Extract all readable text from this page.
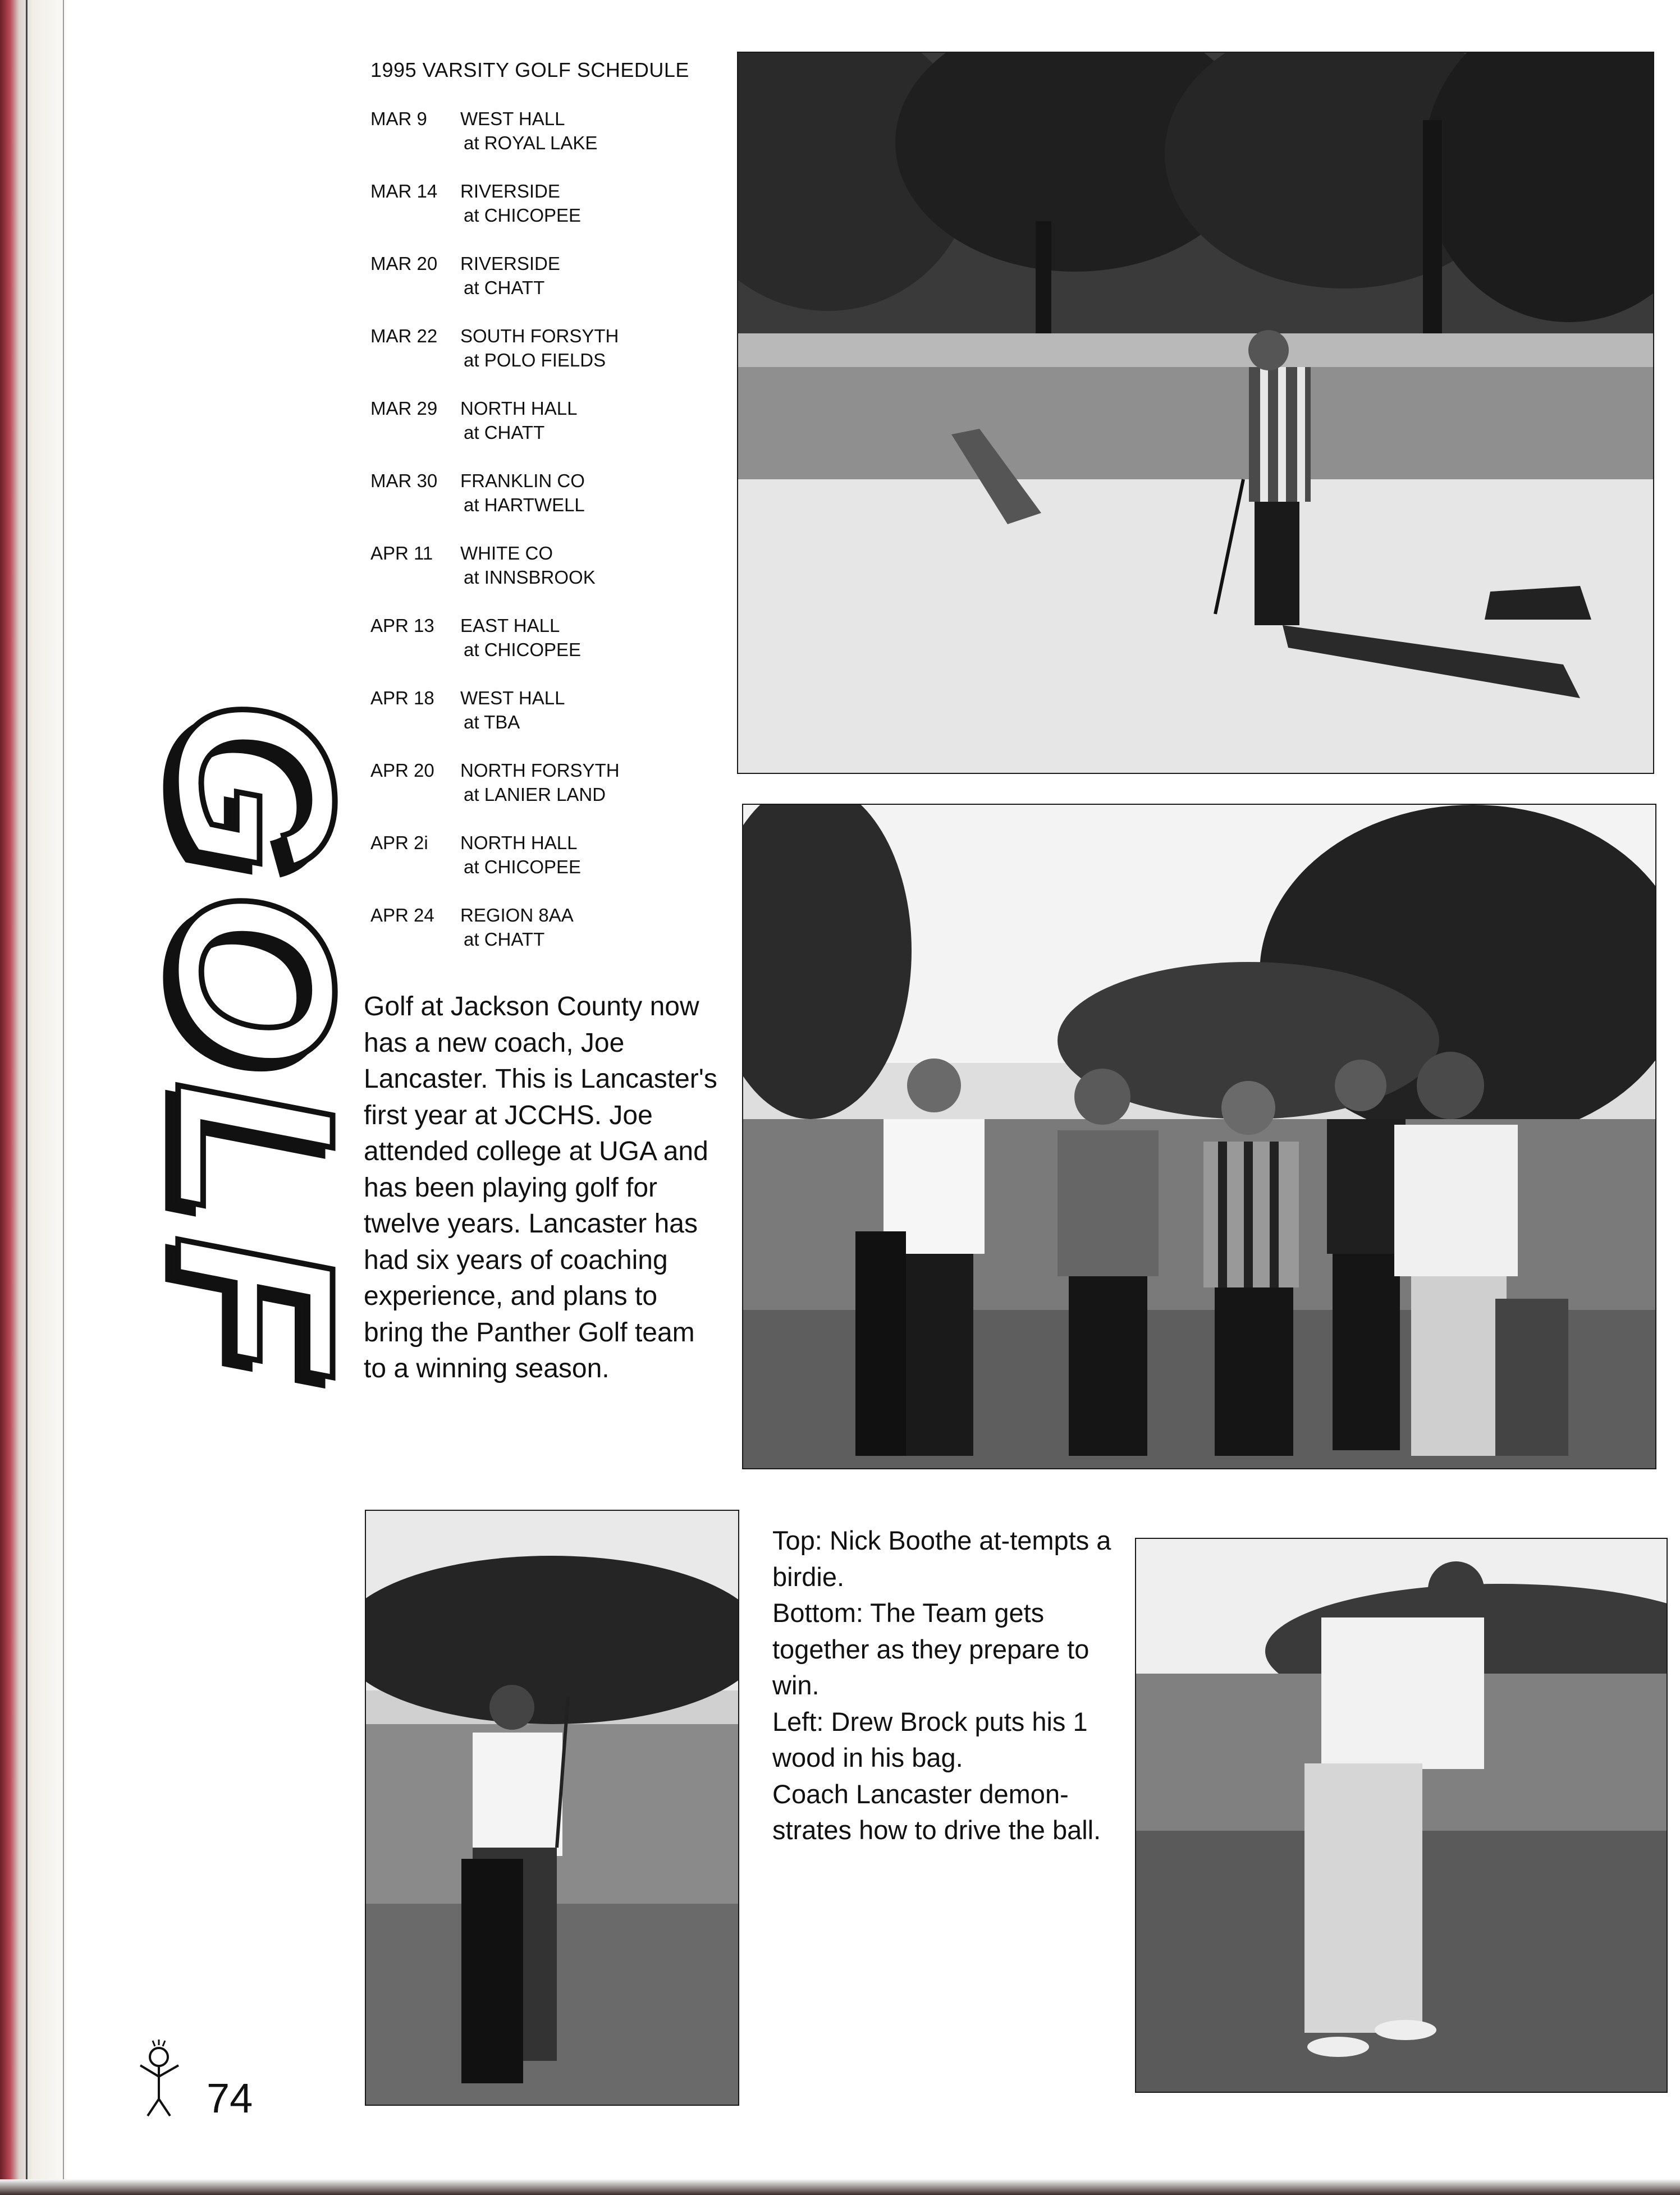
1995 VARSITY GOLF SCHEDULE
MAR 9	WEST HALL
at ROYAL LAKE
MAR 14	RIVERSIDE
at CHICOPEE
MAR 20	RIVERSIDE
at CHATT
MAR 22	SOUTH FORSYTH
at POLO FIELDS
MAR 29	NORTH HALL
at CHATT
MAR 30	FRANKLIN CO
at HARTWELL
APR 11	WHITE CO
at INNSBROOK
APR 13	EAST HALL
at CHICOPEE
APR 18	WEST HALL
at TBA
APR 20	NORTH FORSYTH
at LANIER LAND
APR 2i	NORTH HALL
at CHICOPEE
APR 24	REGION 8AA
at CHATT
GOLF
GOLF
Golf at Jackson County now has a new coach, Joe Lancaster. This is Lancaster's first year at JCCHS. Joe attended college at UGA and has been playing golf for twelve years. Lancaster has had six years of coaching experience, and plans to bring the Panther Golf team to a winning season.
Top: Nick Boothe at-tempts a birdie.
Bottom: The Team gets together as they prepare to win.
Left: Drew Brock puts his 1 wood in his bag.
Coach Lancaster demon-strates how to drive the ball.
74
